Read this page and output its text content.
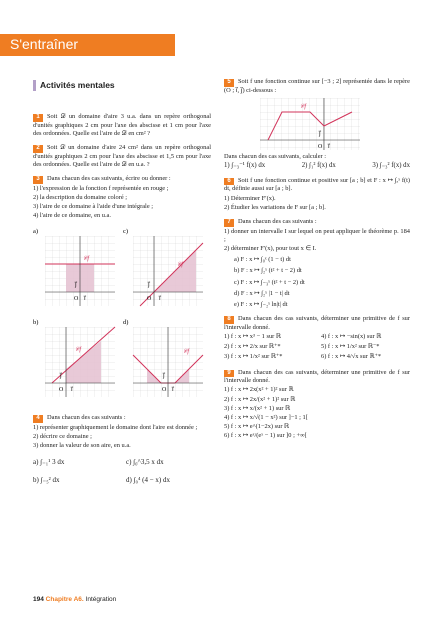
S'entraîner
Activités mentales
1 Soit 𝒟 un domaine d'aire 3 u.a. dans un repère orthogonal d'unités graphiques 2 cm pour l'axe des abscisse et 1 cm pour l'axe des ordonnées. Quelle est l'aire de 𝒟 en cm² ?
2 Soit 𝒟 un domaine d'aire 24 cm² dans un repère orthogonal d'unités graphiques 2 cm pour l'axe des abscisse et 1,5 cm pour l'axe des ordonnées. Quelle est l'aire de 𝒟 en u.a. ?
3 Dans chacun des cas suivants, écrire ou donner :
1) l'expression de la fonction f représentée en rouge ;
2) la description du domaine coloré ;
3) l'aire de ce domaine à l'aide d'une intégrale ;
4) l'aire de ce domaine, en u.a.
a)	c)
b)	d)
𝒞f
O i⃗
j⃗
𝒞f
O i⃗
j⃗
𝒞f
O i⃗
j⃗
𝒞f
O i⃗
j⃗
4 Dans chacun des cas suivants :
1) représenter graphiquement le domaine dont l'aire est donnée ;
2) décrire ce domaine ;
3) donner la valeur de son aire, en u.a.
a) ∫₋₁¹ 3 dx	c) ∫₀^3,5 x dx
b) ∫₋₅² dx	d) ∫₀⁴ (4 − x) dx
5 Soit f une fonction continue sur [−3 ; 2] représentée dans le repère (O ; i⃗, j⃗) ci-dessous :
𝒞f
O i⃗
j⃗
Dans chacun des cas suivants, calculer :
1) ∫₋₃⁻¹ f(x) dx	2) ∫₁² f(x) dx	3) ∫₋₃² f(x) dx
6 Soit f une fonction continue et positive sur [a ; b] et F : x ↦ ∫ₐˣ f(t) dt, définie aussi sur [a ; b].
1) Déterminer F′(x).
2) Étudier les variations de F sur [a ; b].
7 Dans chacun des cas suivants :
1) donner un intervalle I sur lequel on peut appliquer le théorème p. 184 ;
2) déterminer F′(x), pour tout x ∈ I.
a) F : x ↦ ∫₀ˣ (1 − t) dt
b) F : x ↦ ∫₂ˣ (t² + t − 2) dt
c) F : x ↦ ∫₋₃ˣ (t² + t − 2) dt
d) F : x ↦ ∫₂ˣ |1 − t| dt
e) F : x ↦ ∫₋₂ˣ ln|t| dt
8 Dans chacun des cas suivants, déterminer une primitive de f sur l'intervalle donné.
1) f : x ↦ x³ − 1 sur ℝ	4) f : x ↦ −sin(x) sur ℝ
2) f : x ↦ 2/x sur ℝ⁺*	5) f : x ↦ 1/x² sur ℝ⁻*
3) f : x ↦ 1/x² sur ℝ⁺*	6) f : x ↦ 4/√x sur ℝ⁺*
9 Dans chacun des cas suivants, déterminer une primitive de f sur l'intervalle donné.
1) f : x ↦ 2x(x² + 1)² sur ℝ
2) f : x ↦ 2x/(x² + 1)² sur ℝ
3) f : x ↦ x/(x² + 1) sur ℝ
4) f : x ↦ x/√(1 − x²) sur ]−1 ; 1[
5) f : x ↦ e^(1−2x) sur ℝ
6) f : x ↦ eˣ/(eˣ − 1) sur ]0 ; +∞[
194 Chapitre A6. Intégration
